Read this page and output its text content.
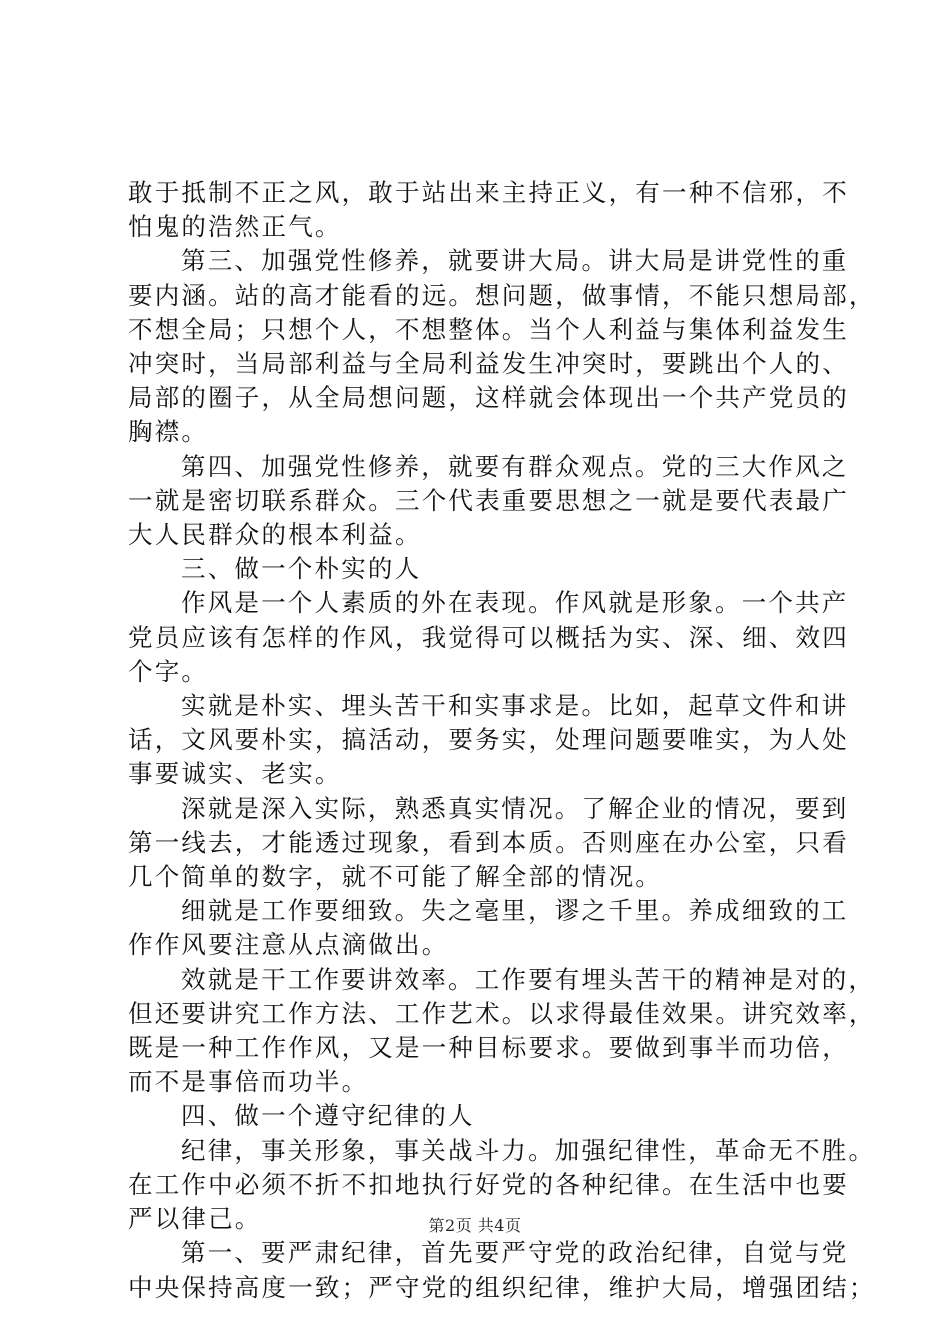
敢于抵制不正之风，敢于站出来主持正义，有一种不信邪，不
怕鬼的浩然正气。
第三、加强党性修养，就要讲大局。讲大局是讲党性的重
要内涵。站的高才能看的远。想问题，做事情，不能只想局部，
不想全局；只想个人，不想整体。当个人利益与集体利益发生
冲突时，当局部利益与全局利益发生冲突时，要跳出个人的、
局部的圈子，从全局想问题，这样就会体现出一个共产党员的
胸襟。
第四、加强党性修养，就要有群众观点。党的三大作风之
一就是密切联系群众。三个代表重要思想之一就是要代表最广
大人民群众的根本利益。
三、做一个朴实的人
作风是一个人素质的外在表现。作风就是形象。一个共产
党员应该有怎样的作风，我觉得可以概括为实、深、细、效四
个字。
实就是朴实、埋头苦干和实事求是。比如，起草文件和讲
话，文风要朴实，搞活动，要务实，处理问题要唯实，为人处
事要诚实、老实。
深就是深入实际，熟悉真实情况。了解企业的情况，要到
第一线去，才能透过现象，看到本质。否则座在办公室，只看
几个简单的数字，就不可能了解全部的情况。
细就是工作要细致。失之毫里，谬之千里。养成细致的工
作作风要注意从点滴做出。
效就是干工作要讲效率。工作要有埋头苦干的精神是对的，
但还要讲究工作方法、工作艺术。以求得最佳效果。讲究效率，
既是一种工作作风，又是一种目标要求。要做到事半而功倍，
而不是事倍而功半。
四、做一个遵守纪律的人
纪律，事关形象，事关战斗力。加强纪律性，革命无不胜。
在工作中必须不折不扣地执行好党的各种纪律。在生活中也要
严以律己。
第一、要严肃纪律，首先要严守党的政治纪律，自觉与党
中央保持高度一致；严守党的组织纪律，维护大局，增强团结；
第2页 共4页
